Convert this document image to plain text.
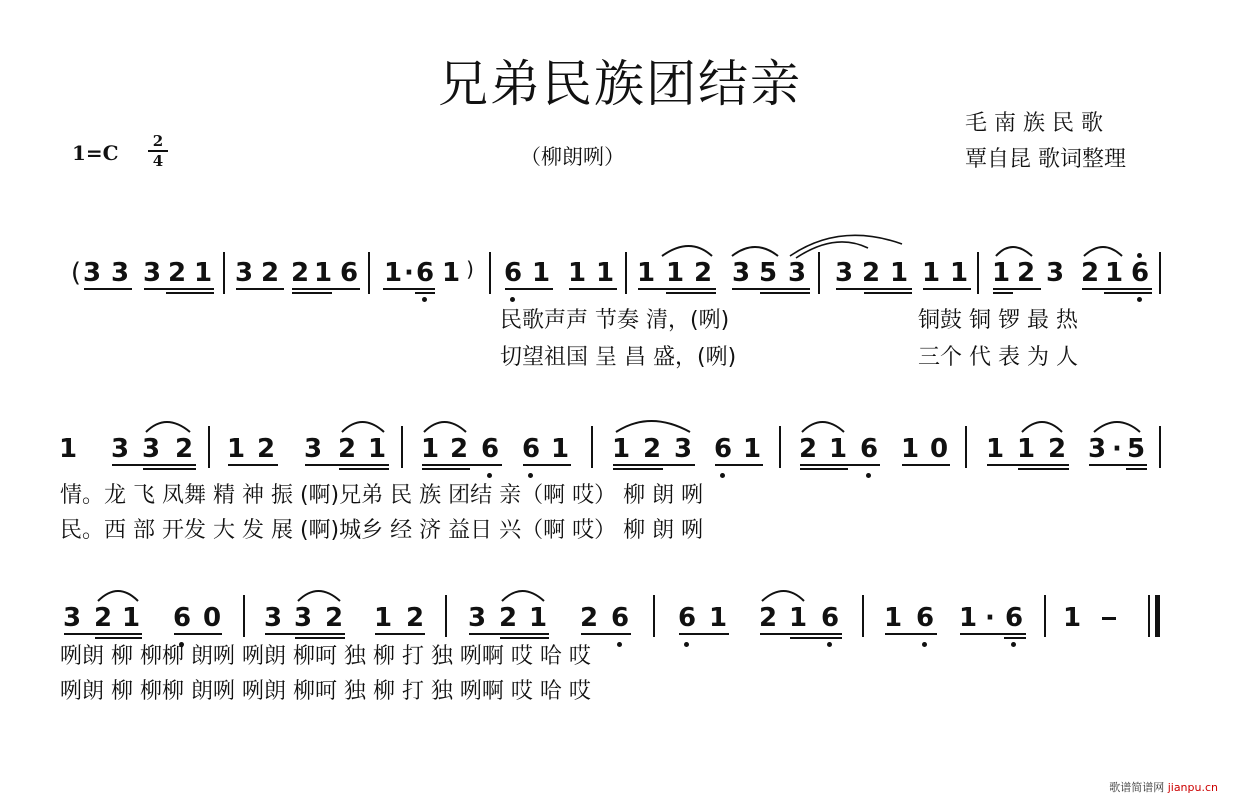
兄弟民族团结亲
毛 南 族 民 歌
覃自昆 歌词整理
1=C	2
4	（柳朗咧）
( 3 3 3 2 1 3 2 2 1 6 1 · 6 1 ) 6 1 1 1 1 1 2 3 5 3 3 2 1 1 1 1 2 3 2 1 6
民歌声声 节奏 清，(咧)	铜鼓 铜 锣 最 热
切望祖国 呈 昌 盛，(咧)	三个 代 表 为 人
1 3 3 2 1 2 3 2 1 1 2 6 6 1 1 2 3 6 1 2 1 6 1 0 1 1 2 3 · 5
情。龙 飞 凤舞 精 神 振 (啊)兄弟 民 族 团结 亲（啊 哎） 柳 朗 咧
民。西 部 开发 大 发 展 (啊)城乡 经 济 益日 兴（啊 哎） 柳 朗 咧
3 2 1 6 0 3 3 2 1 2 3 2 1 2 6 6 1 2 1 6 1 6 1 · 6 1
咧朗 柳 柳柳 朗咧 咧朗 柳呵 独 柳 打 独 咧啊 哎 哈 哎
咧朗 柳 柳柳 朗咧 咧朗 柳呵 独 柳 打 独 咧啊 哎 哈 哎
歌谱简谱网 jianpu.cn
